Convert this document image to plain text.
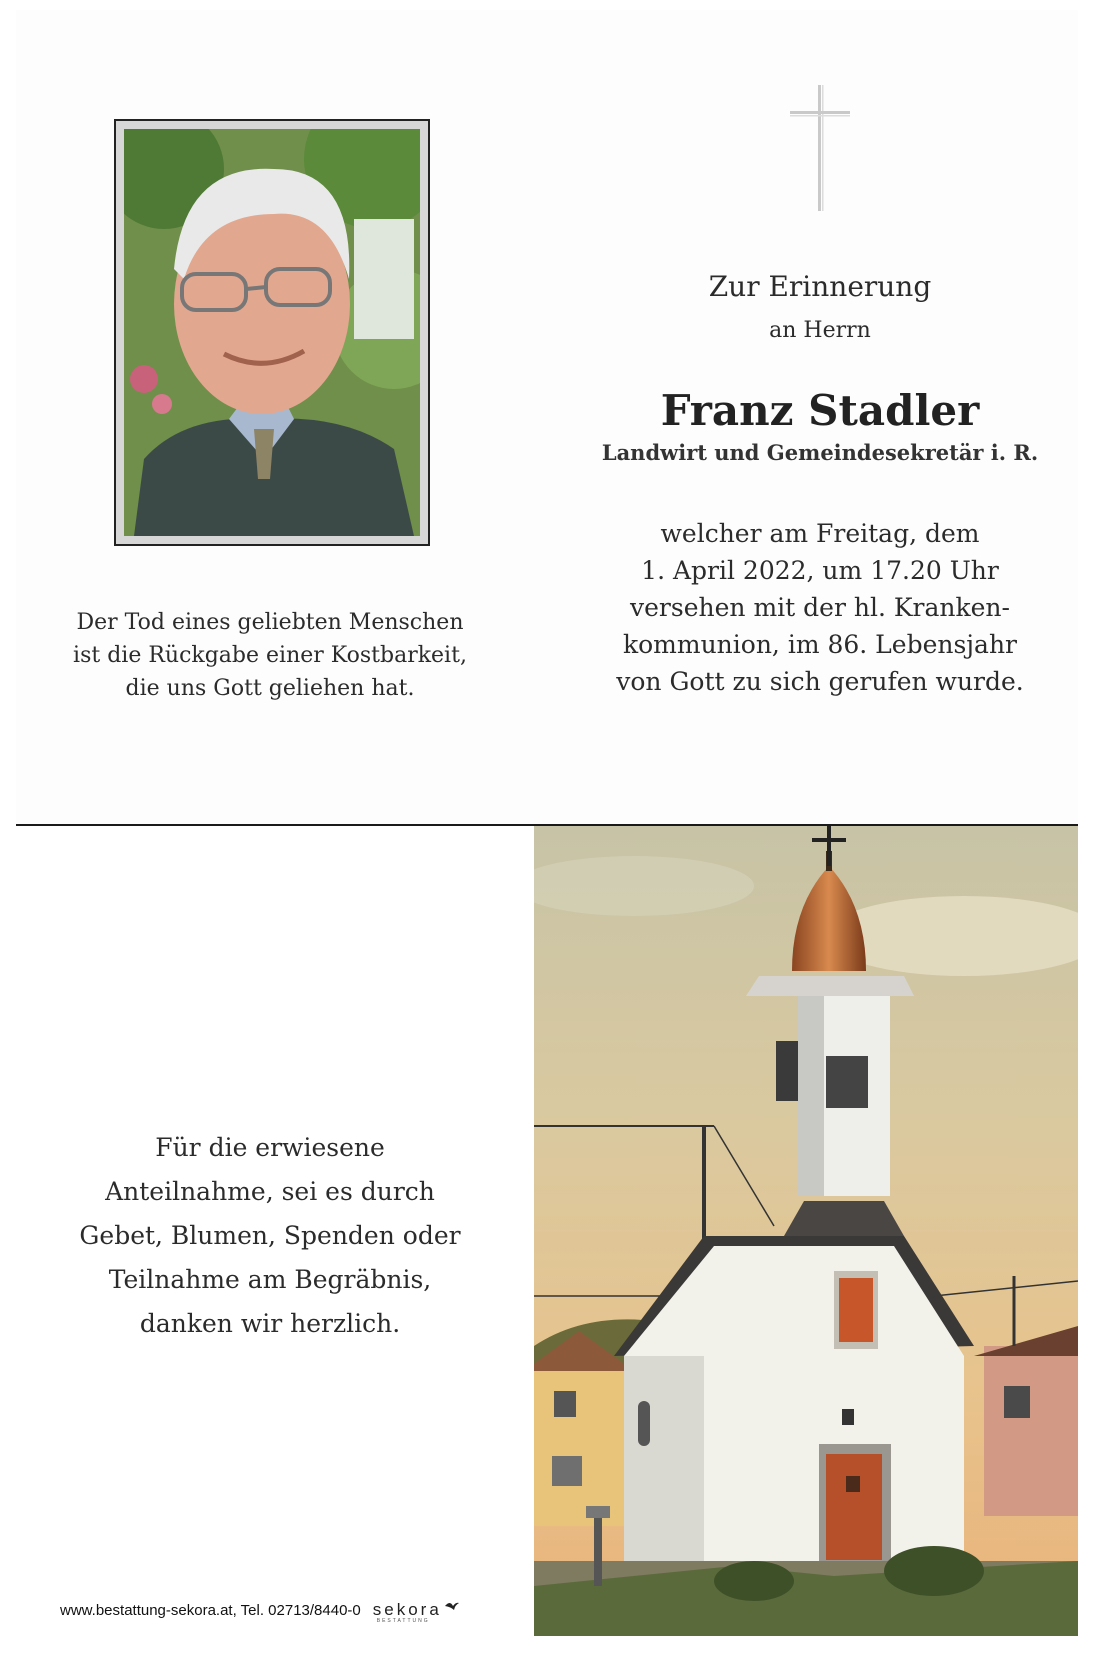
Zur Erinnerung
an Herrn
Franz Stadler
Landwirt und Gemeindesekretär i. R.
welcher am Freitag, dem
1. April 2022, um 17.20 Uhr
versehen mit der hl. Kranken-
kommunion, im 86. Lebensjahr
von Gott zu sich gerufen wurde.
Der Tod eines geliebten Menschen
ist die Rückgabe einer Kostbarkeit,
die uns Gott geliehen hat.
Für die erwiesene
Anteilnahme, sei es durch
Gebet, Blumen, Spenden oder
Teilnahme am Begräbnis,
danken wir herzlich.
www.bestattung-sekora.at, Tel. 02713/8440-0 sekora
BESTATTUNG
